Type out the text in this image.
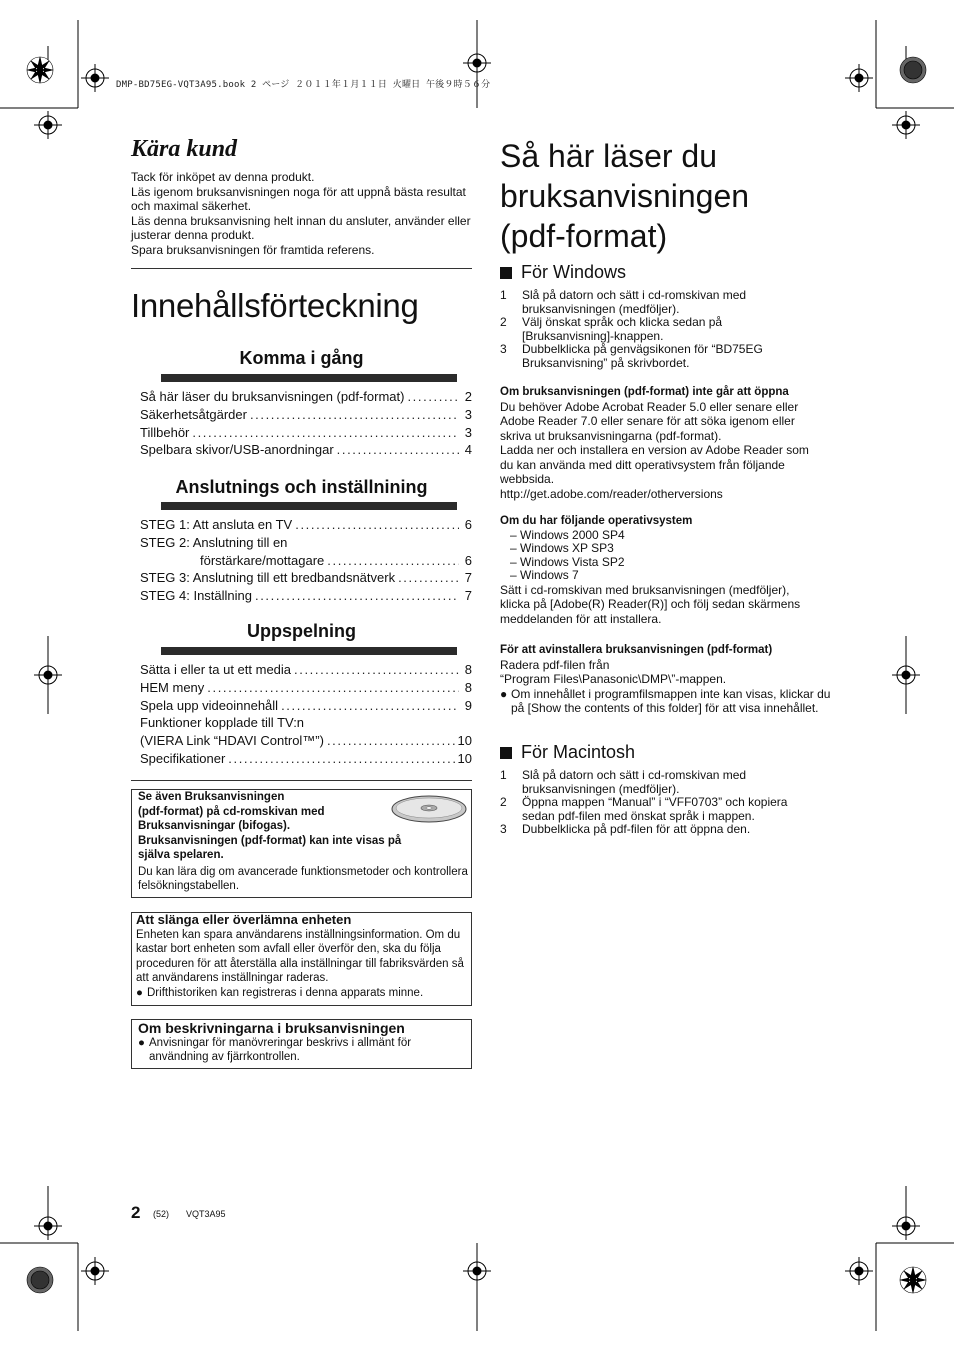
DMP-BD75EG-VQT3A95.book 2 ページ ２０１１年１月１１日 火曜日 午後９時５６分
Kära kund

Tack för inköpet av denna produkt.

Läs igenom bruksanvisningen noga för att uppnå bästa resultat och maximal säkerhet.

Läs denna bruksanvisning helt innan du ansluter, använder eller justerar denna produkt.

Spara bruksanvisningen för framtida referens.

Innehållsförteckning
Komma i gång
Så här läser du bruksanvisningen (pdf-format) .....	2
Säkerhetsåtgärder .....	3
Tillbehör .....	3
Spelbara skivor/USB-anordningar .....	4
Anslutnings och inställnining
STEG 1: Att ansluta en TV .....	6
STEG 2: Anslutning till en
förstärkare/mottagare .....	6
STEG 3: Anslutning till ett bredbandsnätverk .....	7
STEG 4: Inställning .....	7
Uppspelning
Sätta i eller ta ut ett media .....	8
HEM meny .....	8
Spela upp videoinnehåll .....	9
Funktioner kopplade till TV:n
(VIERA Link “HDAVI Control™”) .....	10
Specifikationer .....	10
Se även Bruksanvisningen
(pdf-format) på cd-romskivan med
Bruksanvisningar (bifogas).
Bruksanvisningen (pdf-format) kan inte visas på
själva spelaren.
Du kan lära dig om avancerade funktionsmetoder och kontrollera felsökningstabellen.
Att slänga eller överlämna enheten
Enheten kan spara användarens inställningsinformation. Om du kastar bort enheten som avfall eller överför den, ska du följa proceduren för att återställa alla inställningar till fabriksvärden så att användarens inställningar raderas.
● Drifthistoriken kan registreras i denna apparats minne.
Om beskrivningarna i bruksanvisningen
● Anvisningar för manövreringar beskrivs i allmänt för användning av fjärrkontrollen.
Så här läser du
bruksanvisningen
(pdf-format)
För Windows
1	Slå på datorn och sätt i cd-romskivan med bruksanvisningen (medföljer).
2	Välj önskat språk och klicka sedan på [Bruksanvisning]-knappen.
3	Dubbelklicka på genvägsikonen för “BD75EG Bruksanvisning” på skrivbordet.
Om bruksanvisningen (pdf-format) inte går att öppna
Du behöver Adobe Acrobat Reader 5.0 eller senare eller
Adobe Reader 7.0 eller senare för att söka igenom eller
skriva ut bruksanvisningarna (pdf-format).
Ladda ner och installera en version av Adobe Reader som
du kan använda med ditt operativsystem från följande
webbsida.
http://get.adobe.com/reader/otherversions
Om du har följande operativsystem
– Windows 2000 SP4
– Windows XP SP3
– Windows Vista SP2
– Windows 7
Sätt i cd-romskivan med bruksanvisningen (medföljer),
klicka på [Adobe(R) Reader(R)] och följ sedan skärmens
meddelanden för att installera.
För att avinstallera bruksanvisningen (pdf-format)
Radera pdf-filen från
“Program Files\Panasonic\DMP\”-mappen.
● Om innehållet i programfilsmappen inte kan visas, klickar du på [Show the contents of this folder] för att visa innehållet.
För Macintosh
1	Slå på datorn och sätt i cd-romskivan med bruksanvisningen (medföljer).
2	Öppna mappen “Manual” i “VFF0703” och kopiera sedan pdf-filen med önskat språk i mappen.
3	Dubbelklicka på pdf-filen för att öppna den.
2 (52) VQT3A95
